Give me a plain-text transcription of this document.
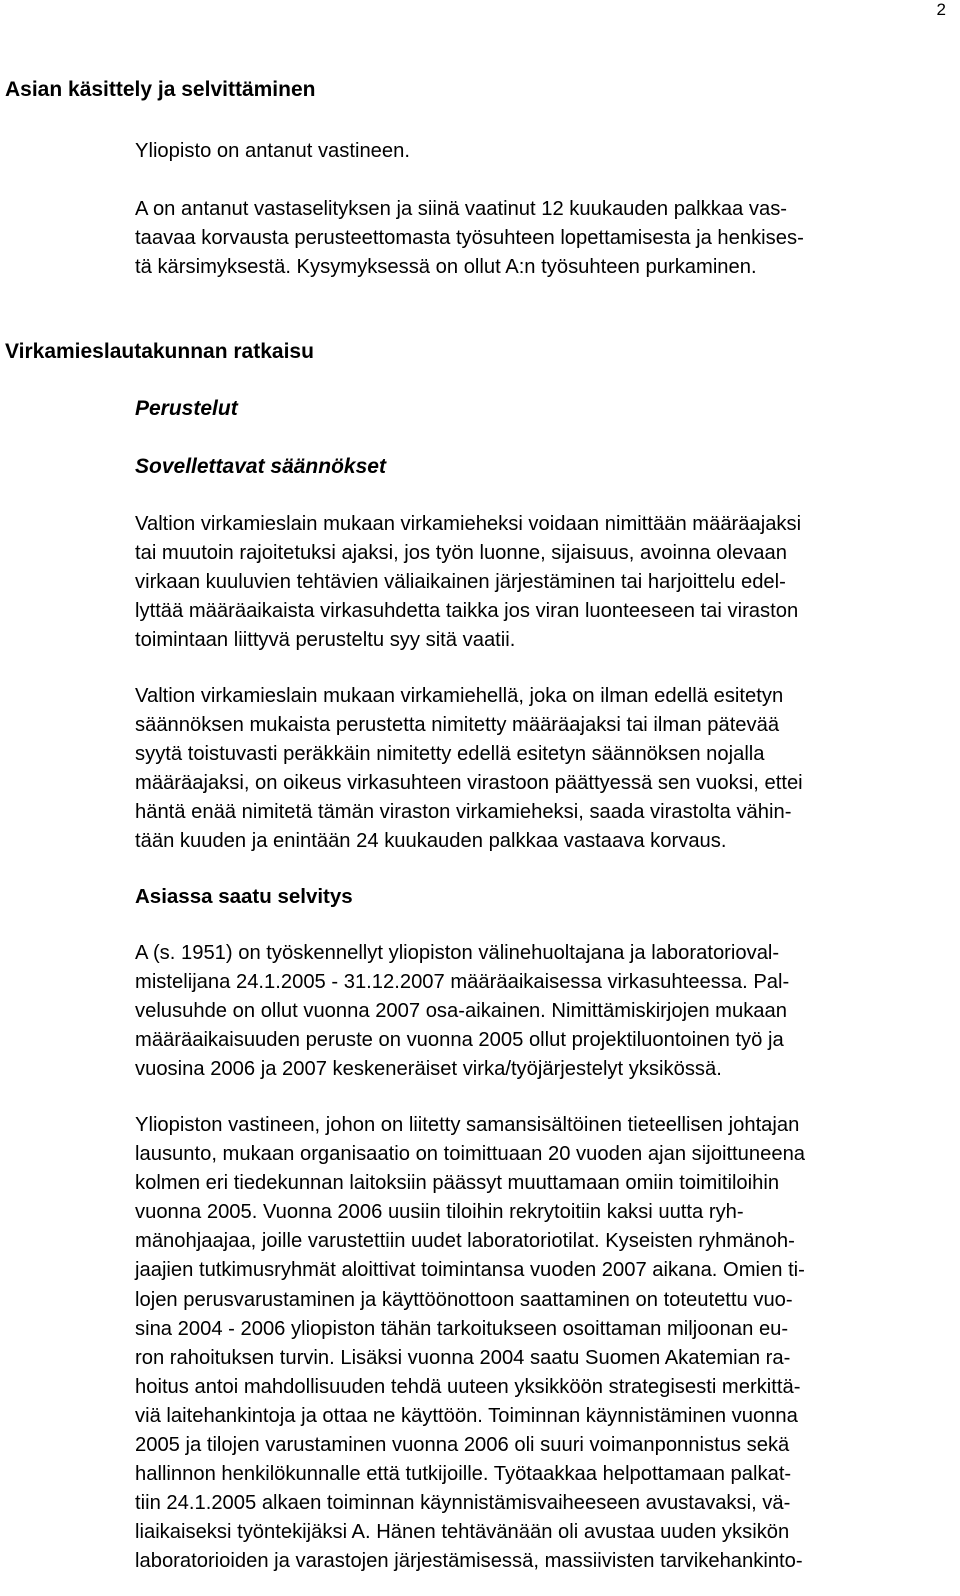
2
Asian käsittely ja selvittäminen
Yliopisto on antanut vastineen.
A on antanut vastaselityksen ja siinä vaatinut 12 kuukauden palkkaa vas-
taavaa korvausta perusteettomasta työsuhteen lopettamisesta ja henkises-
tä kärsimyksestä. Kysymyksessä on ollut A:n työsuhteen purkaminen.
Virkamieslautakunnan ratkaisu
Perustelut
Sovellettavat säännökset
Valtion virkamieslain mukaan virkamieheksi voidaan nimittään määräajaksi
tai muutoin rajoitetuksi ajaksi, jos työn luonne, sijaisuus, avoinna olevaan
virkaan kuuluvien tehtävien väliaikainen järjestäminen tai harjoittelu edel-
lyttää määräaikaista virkasuhdetta taikka jos viran luonteeseen tai viraston
toimintaan liittyvä perusteltu syy sitä vaatii.
Valtion virkamieslain mukaan virkamiehellä, joka on ilman edellä esitetyn
säännöksen mukaista perustetta nimitetty määräajaksi tai ilman pätevää
syytä toistuvasti peräkkäin nimitetty edellä esitetyn säännöksen nojalla
määräajaksi, on oikeus virkasuhteen virastoon päättyessä sen vuoksi, ettei
häntä enää nimitetä tämän viraston virkamieheksi, saada virastolta vähin-
tään kuuden ja enintään 24 kuukauden palkkaa vastaava korvaus.
Asiassa saatu selvitys
A (s. 1951) on työskennellyt yliopiston välinehuoltajana ja laboratorioval-
mistelijana 24.1.2005 - 31.12.2007 määräaikaisessa virkasuhteessa. Pal-
velusuhde on ollut vuonna 2007 osa-aikainen. Nimittämiskirjojen mukaan
määräaikaisuuden peruste on vuonna 2005 ollut projektiluontoinen työ ja
vuosina 2006 ja 2007 keskeneräiset virka/työjärjestelyt yksikössä.
Yliopiston vastineen, johon on liitetty samansisältöinen tieteellisen johtajan
lausunto, mukaan organisaatio on toimittuaan 20 vuoden ajan sijoittuneena
kolmen eri tiedekunnan laitoksiin päässyt muuttamaan omiin toimitiloihin
vuonna 2005. Vuonna 2006 uusiin tiloihin rekrytoitiin kaksi uutta ryh-
mänohjaajaa, joille varustettiin uudet laboratoriotilat. Kyseisten ryhmänoh-
jaajien tutkimusryhmät aloittivat toimintansa vuoden 2007 aikana. Omien ti-
lojen perusvarustaminen ja käyttöönottoon saattaminen on toteutettu vuo-
sina 2004 - 2006 yliopiston tähän tarkoitukseen osoittaman miljoonan eu-
ron rahoituksen turvin. Lisäksi vuonna 2004 saatu Suomen Akatemian ra-
hoitus antoi mahdollisuuden tehdä uuteen yksikköön strategisesti merkittä-
viä laitehankintoja ja ottaa ne käyttöön. Toiminnan käynnistäminen vuonna
2005 ja tilojen varustaminen vuonna 2006 oli suuri voimanponnistus sekä
hallinnon henkilökunnalle että tutkijoille. Työtaakkaa helpottamaan palkat-
tiin 24.1.2005 alkaen toiminnan käynnistämisvaiheeseen avustavaksi, vä-
liaikaiseksi työntekijäksi A. Hänen tehtävänään oli avustaa uuden yksikön
laboratorioiden ja varastojen järjestämisessä, massiivisten tarvikehankinto-
